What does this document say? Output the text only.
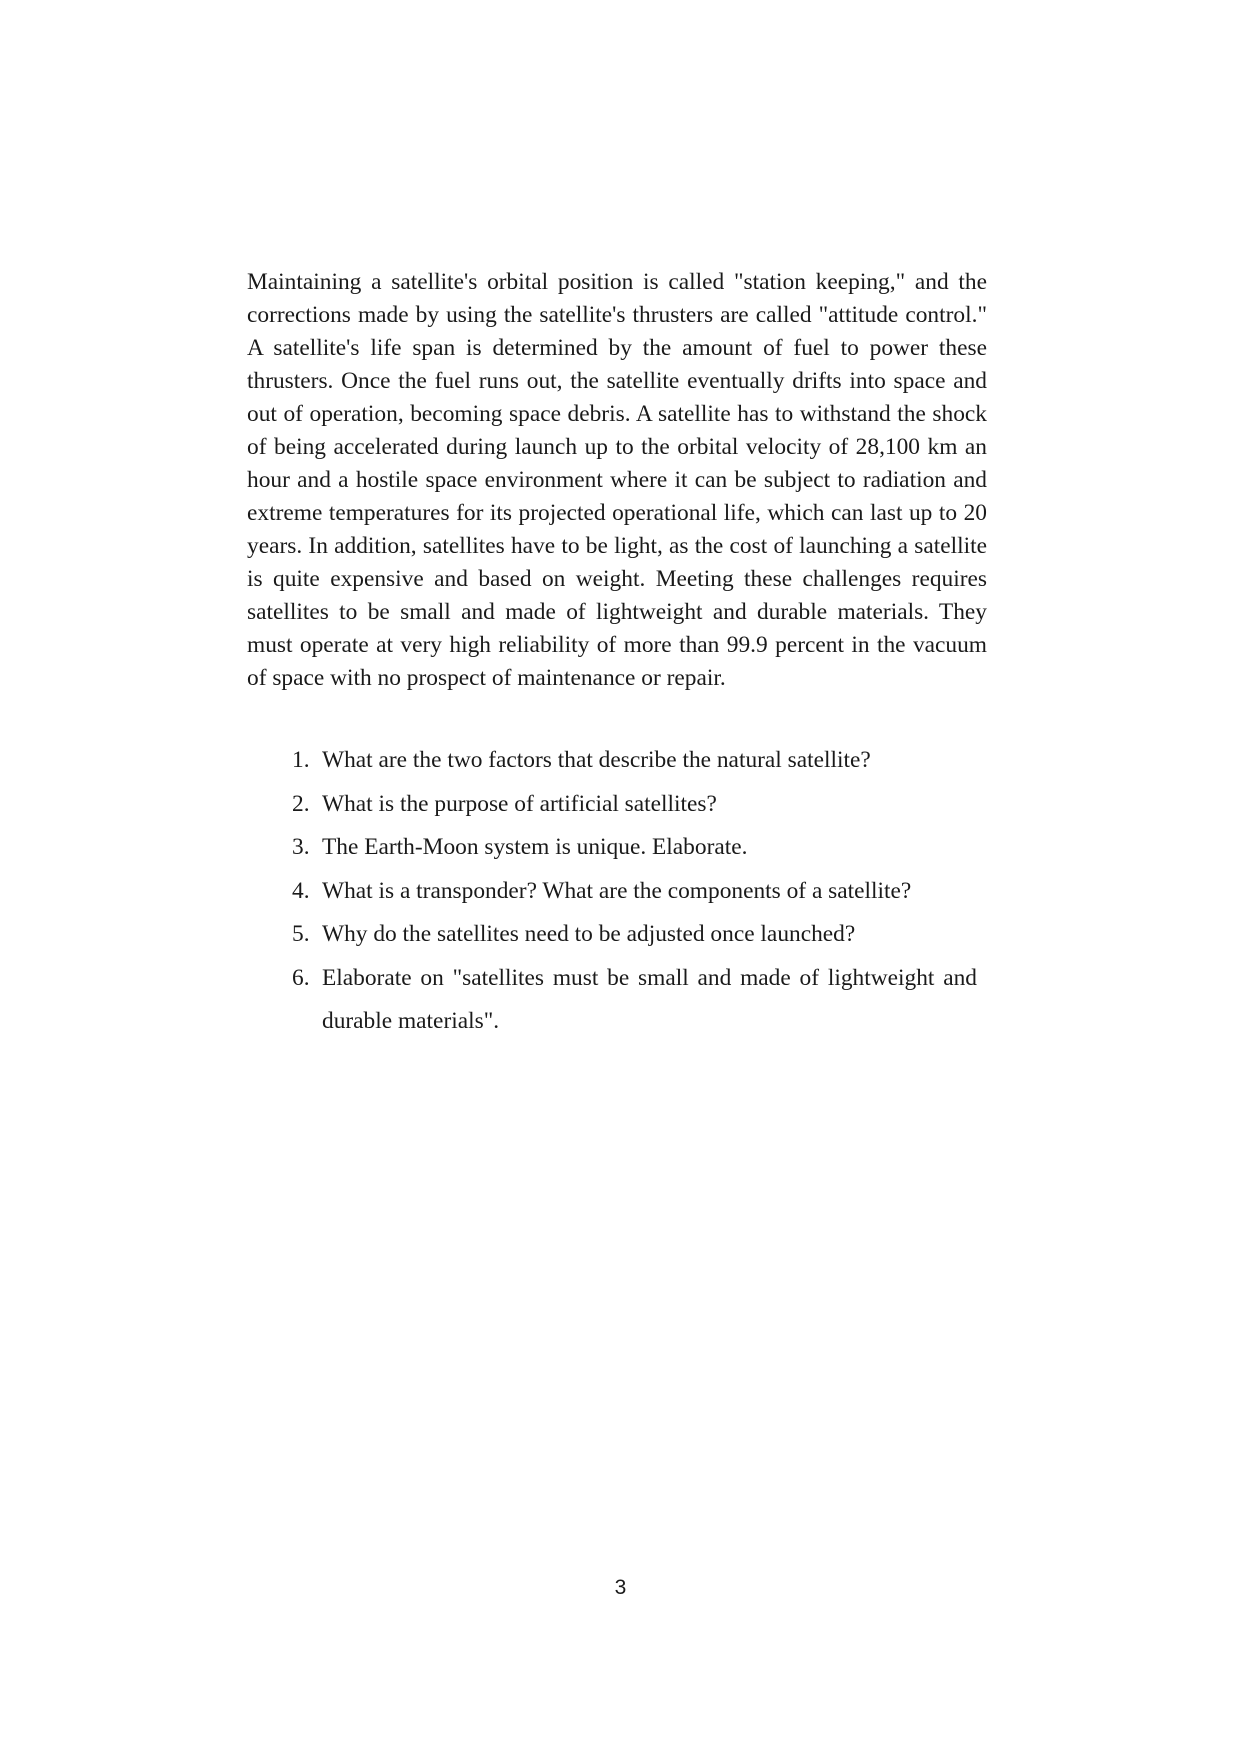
Maintaining a satellite's orbital position is called "station keeping," and the corrections made by using the satellite's thrusters are called "attitude control." A satellite's life span is determined by the amount of fuel to power these thrusters. Once the fuel runs out, the satellite eventually drifts into space and out of operation, becoming space debris. A satellite has to withstand the shock of being accelerated during launch up to the orbital velocity of 28,100 km an hour and a hostile space environment where it can be subject to radiation and extreme temperatures for its projected operational life, which can last up to 20 years. In addition, satellites have to be light, as the cost of launching a satellite is quite expensive and based on weight. Meeting these challenges requires satellites to be small and made of lightweight and durable materials. They must operate at very high reliability of more than 99.9 percent in the vacuum of space with no prospect of maintenance or repair.

1. What are the two factors that describe the natural satellite?
2. What is the purpose of artificial satellites?
3. The Earth-Moon system is unique. Elaborate.
4. What is a transponder? What are the components of a satellite?
5. Why do the satellites need to be adjusted once launched?
6. Elaborate on "satellites must be small and made of lightweight and durable materials".
3
